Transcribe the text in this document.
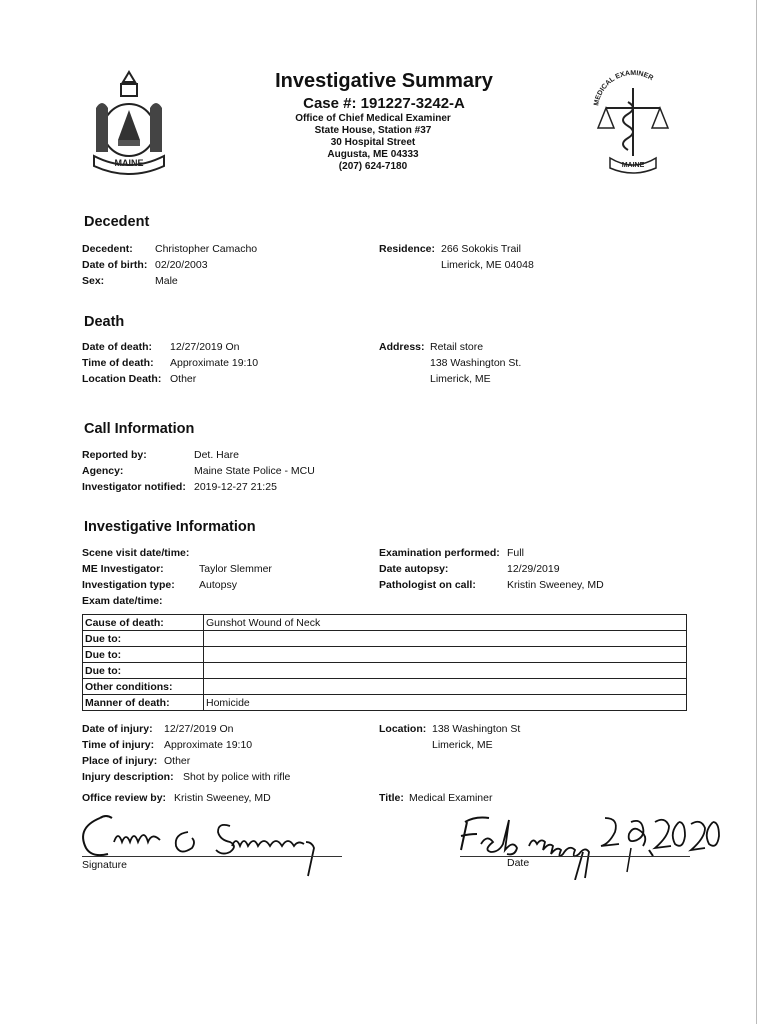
MAINE
MEDICAL EXAMINER
MAINE
Investigative Summary
Case #: 191227-3242-A
Office of Chief Medical Examiner
State House, Station #37
30 Hospital Street
Augusta, ME 04333
(207) 624-7180
Decedent
Decedent: Christopher Camacho
Date of birth: 02/20/2003
Sex:	Male
Residence: 266 Sokokis Trail
Limerick, ME 04048
Death
Date of death: 12/27/2019 On
Time of death: Approximate 19:10
Location Death: Other
Address: Retail store
138 Washington St.
Limerick, ME
Call Information
Reported by:	Det. Hare
Agency:	Maine State Police - MCU
Investigator notified: 2019-12-27 21:25
Investigative Information
Scene visit date/time:
ME Investigator:	Taylor Slemmer
Investigation type: Autopsy
Exam date/time:
Examination performed: Full
Date autopsy:	12/29/2019
Pathologist on call:	Kristin Sweeney, MD
Cause of death:	Gunshot Wound of Neck
Due to:	
Due to:	
Due to:	
Other conditions:	
Manner of death:	Homicide
Date of injury: 12/27/2019 On
Time of injury: Approximate 19:10
Place of injury: Other
Injury description: Shot by police with rifle
Location: 138 Washington St
Limerick, ME
Office review by: Kristin Sweeney, MD	Title: Medical Examiner
Signature	Date
